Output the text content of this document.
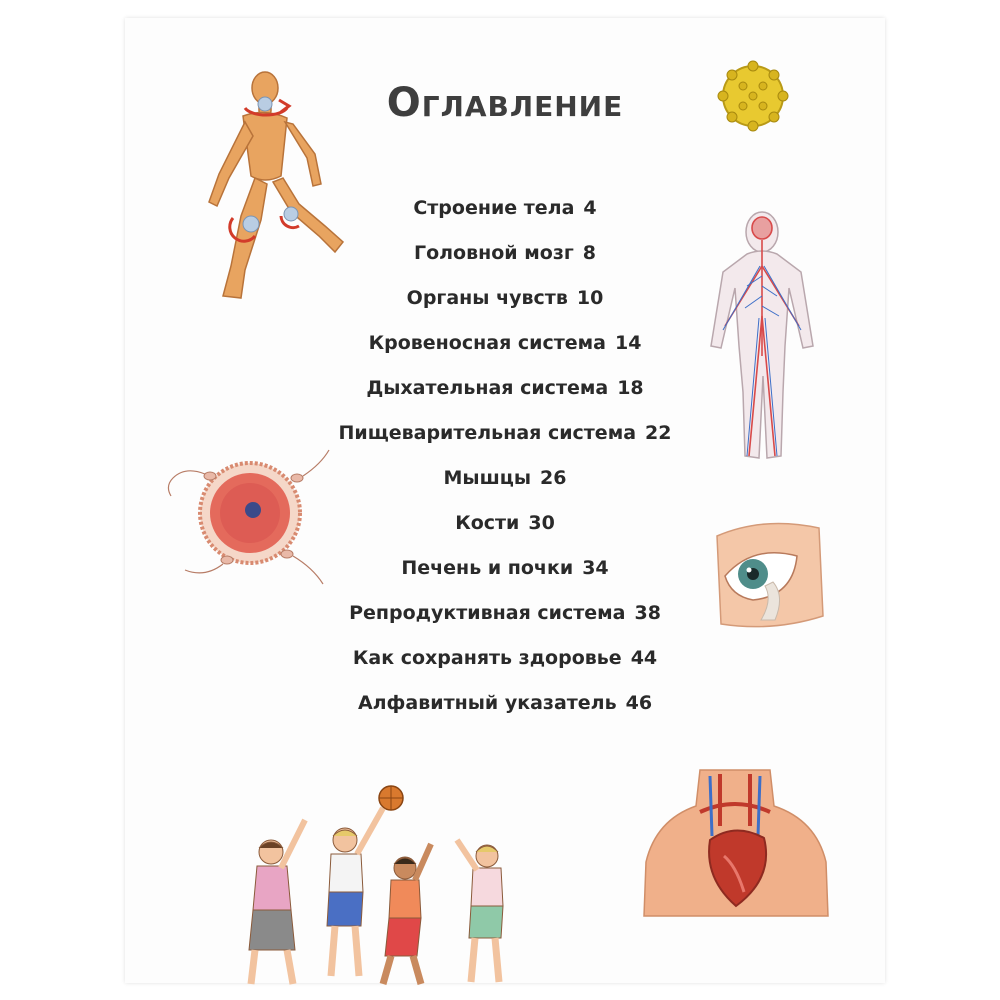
Оглавление
Строение тела 4
Головной мозг 8
Органы чувств 10
Кровеносная система 14
Дыхательная система 18
Пищеварительная система 22
Мышцы 26
Кости 30
Печень и почки 34
Репродуктивная система 38
Как сохранять здоровье 44
Алфавитный указатель 46
